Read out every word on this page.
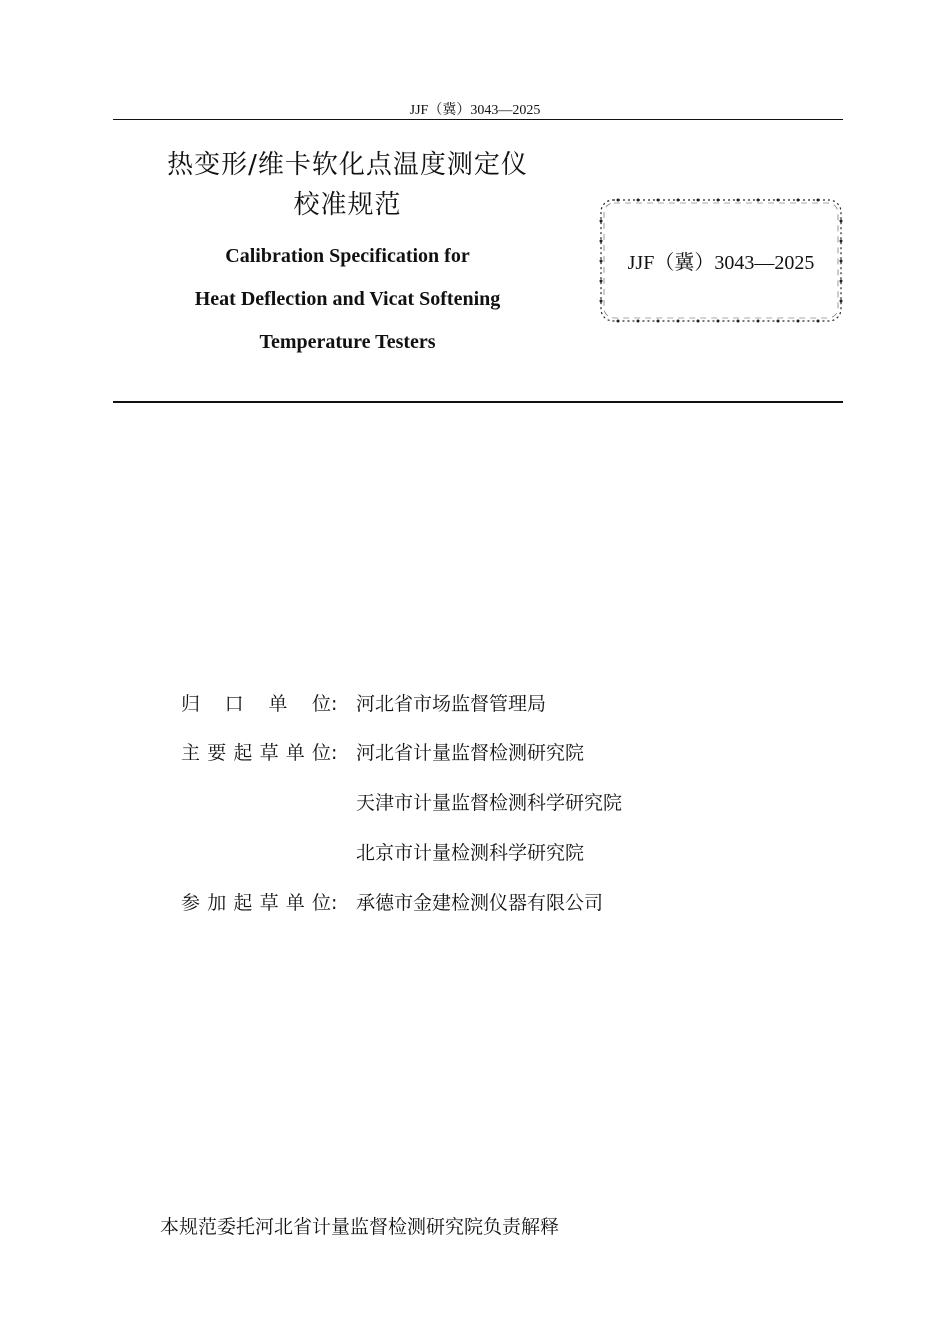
JJF（冀）3043—2025
热变形/维卡软化点温度测定仪
校准规范
Calibration Specification for
Heat Deflection and Vicat Softening
Temperature Testers
JJF（冀）3043—2025
归 口 单 位 : 河北省市场监督管理局
主 要 起 草 单 位 : 河北省计量监督检测研究院
天津市计量监督检测科学研究院
北京市计量检测科学研究院
参 加 起 草 单 位 : 承德市金建检测仪器有限公司
本规范委托河北省计量监督检测研究院负责解释
